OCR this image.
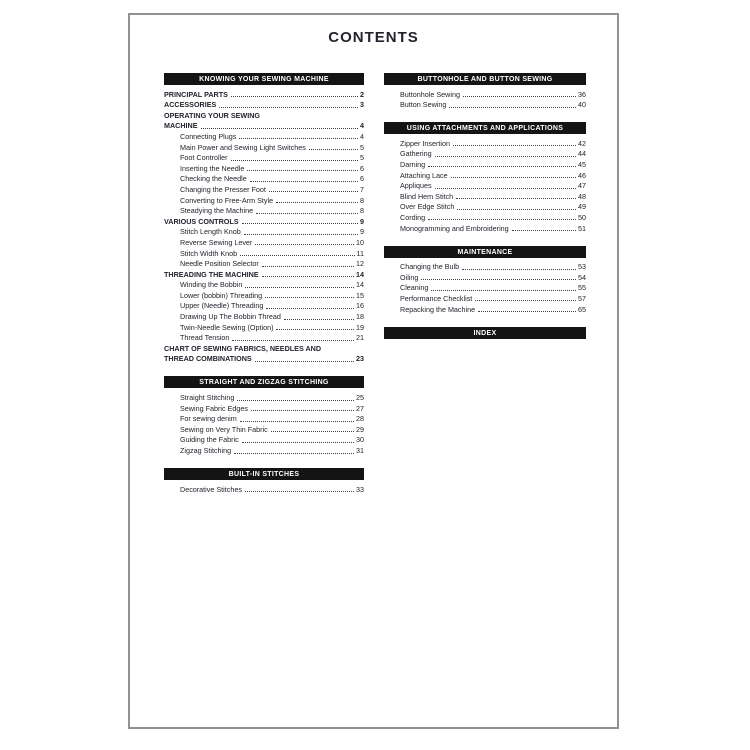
CONTENTS
KNOWING YOUR SEWING MACHINE
PRINCIPAL PARTS	2
ACCESSORIES	3
OPERATING YOUR SEWING
MACHINE	4
Connecting Plugs	4
Main Power and Sewing Light Switches	5
Foot Controller	5
Inserting the Needle	6
Checking the Needle	6
Changing the Presser Foot	7
Converting to Free-Arm Style	8
Steadying the Machine	8
VARIOUS CONTROLS	9
Stitch Length Knob	9
Reverse Sewing Lever	10
Stitch Width Knob	11
Needle Position Selector	12
THREADING THE MACHINE	14
Winding the Bobbin	14
Lower (bobbin) Threading	15
Upper (Needle) Threading	16
Drawing Up The Bobbin Thread	18
Twin-Needle Sewing (Option)	19
Thread Tension	21
CHART OF SEWING FABRICS, NEEDLES AND
THREAD COMBINATIONS	23
STRAIGHT AND ZIGZAG STITCHING
Straight Stitching	25
Sewing Fabric Edges	27
For sewing denim	28
Sewing on Very Thin Fabric	29
Guiding the Fabric	30
Zigzag Stitching	31
BUILT-IN STITCHES
Decorative Stitches	33
BUTTONHOLE AND BUTTON SEWING
Buttonhole Sewing	36
Button Sewing	40
USING ATTACHMENTS AND APPLICATIONS
Zipper Insertion	42
Gathering	44
Darning	45
Attaching Lace	46
Appliques	47
Blind Hem Stitch	48
Over Edge Stitch	49
Cording	50
Monogramming and Embroidering	51
MAINTENANCE
Changing the Bulb	53
Oiling	54
Cleaning	55
Performance Checklist	57
Repacking the Machine	65
INDEX
